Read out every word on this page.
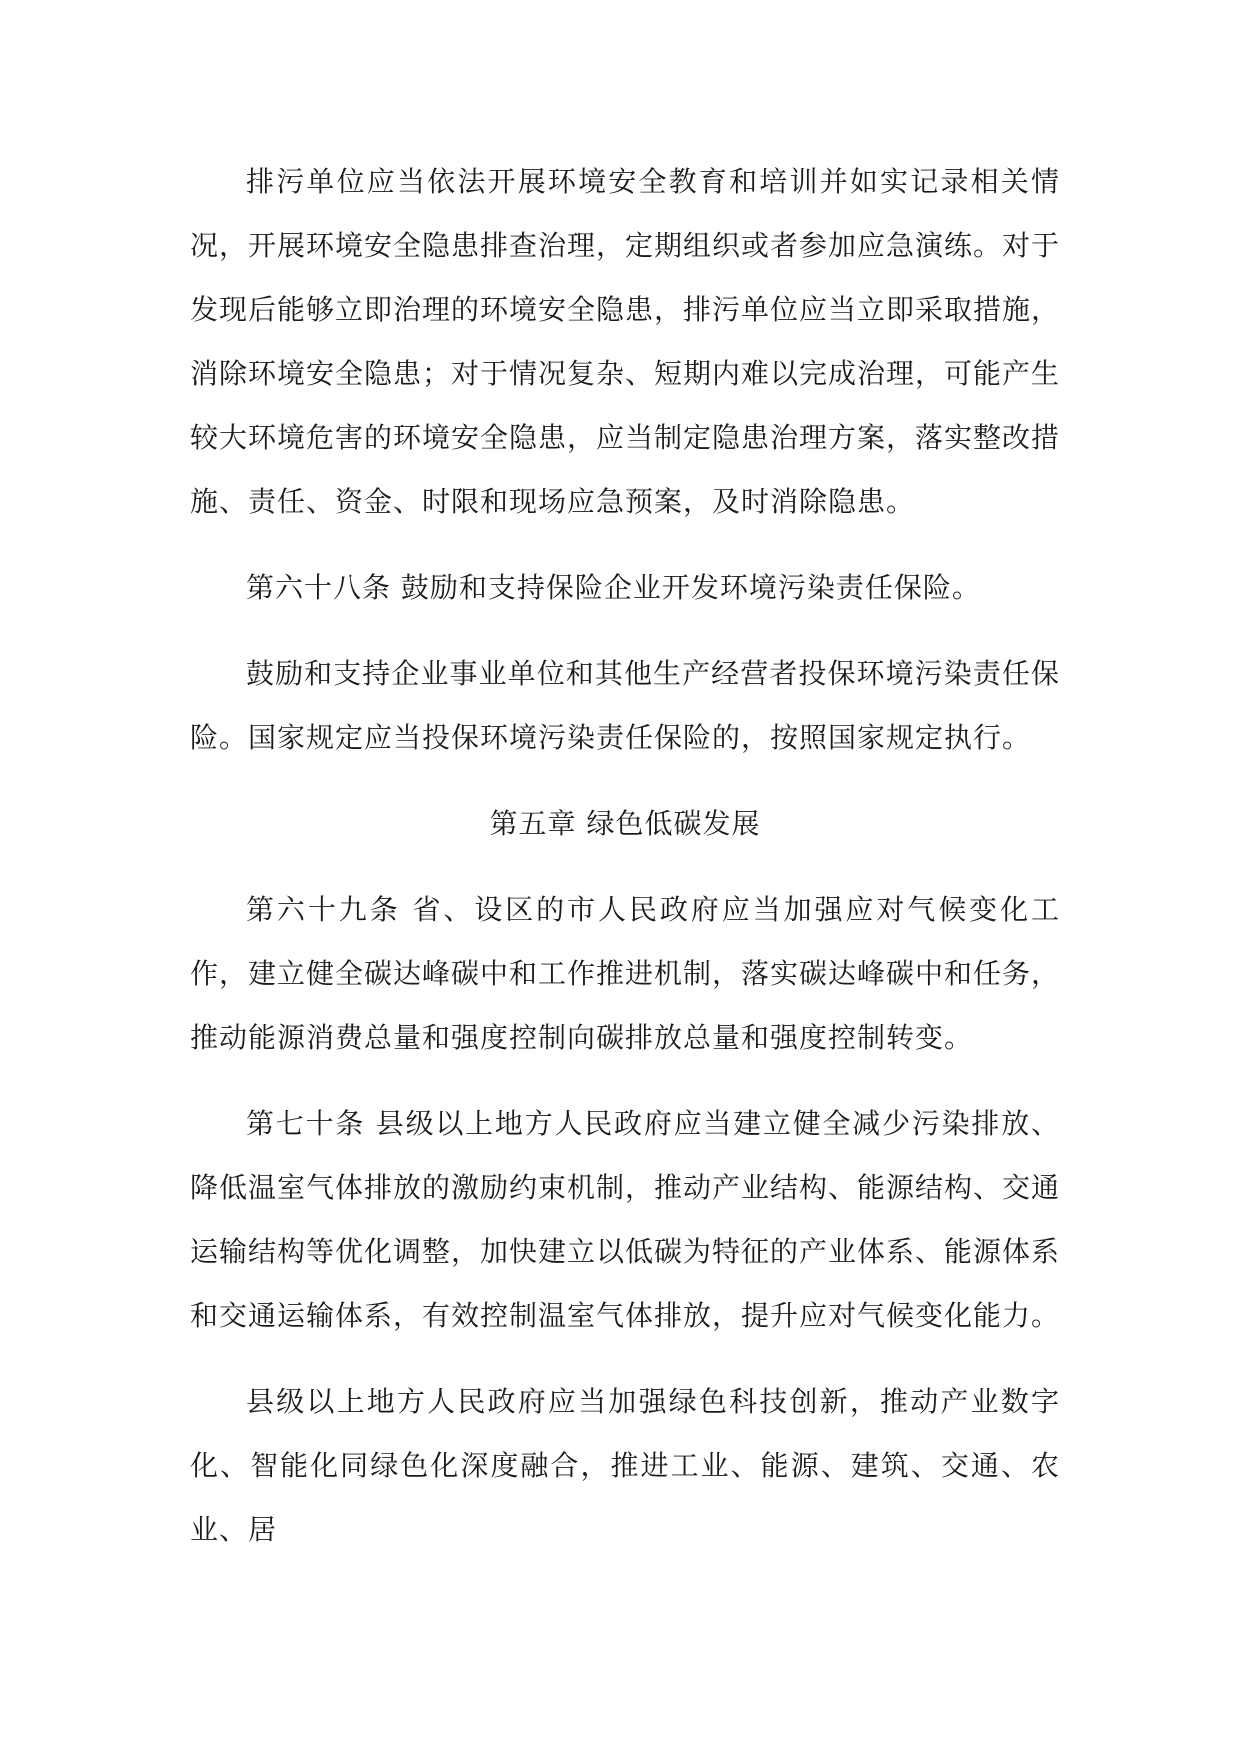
排污单位应当依法开展环境安全教育和培训并如实记录相关情况，开展环境安全隐患排查治理，定期组织或者参加应急演练。对于发现后能够立即治理的环境安全隐患，排污单位应当立即采取措施，消除环境安全隐患；对于情况复杂、短期内难以完成治理，可能产生较大环境危害的环境安全隐患，应当制定隐患治理方案，落实整改措施、责任、资金、时限和现场应急预案，及时消除隐患。

第六十八条 鼓励和支持保险企业开发环境污染责任保险。

鼓励和支持企业事业单位和其他生产经营者投保环境污染责任保险。国家规定应当投保环境污染责任保险的，按照国家规定执行。

第五章 绿色低碳发展

第六十九条 省、设区的市人民政府应当加强应对气候变化工作，建立健全碳达峰碳中和工作推进机制，落实碳达峰碳中和任务，推动能源消费总量和强度控制向碳排放总量和强度控制转变。

第七十条 县级以上地方人民政府应当建立健全减少污染排放、降低温室气体排放的激励约束机制，推动产业结构、能源结构、交通运输结构等优化调整，加快建立以低碳为特征的产业体系、能源体系和交通运输体系，有效控制温室气体排放，提升应对气候变化能力。

县级以上地方人民政府应当加强绿色科技创新，推动产业数字化、智能化同绿色化深度融合，推进工业、能源、建筑、交通、农业、居
